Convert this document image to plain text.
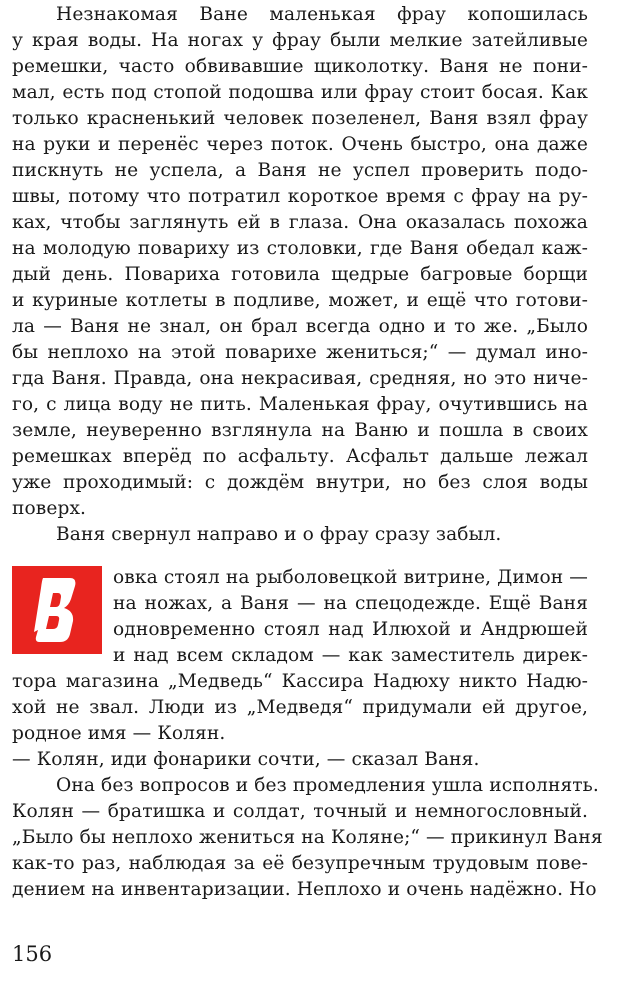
Незнакомая Ване маленькая фрау копошилась
у края воды. На ногах у фрау были мелкие затейливые
ремешки, часто обвивавшие щиколотку. Ваня не пони-
мал, есть под стопой подошва или фрау стоит босая. Как
только красненький человек позеленел, Ваня взял фрау
на руки и перенёс через поток. Очень быстро, она даже
пискнуть не успела, а Ваня не успел проверить подо-
швы, потому что потратил короткое время с фрау на ру-
ках, чтобы заглянуть ей в глаза. Она оказалась похожа
на молодую повариху из столовки, где Ваня обедал каж-
дый день. Повариха готовила щедрые багровые борщи
и куриные котлеты в подливе, может, и ещё что готови-
ла — Ваня не знал, он брал всегда одно и то же. „Было
бы неплохо на этой поварихе жениться;“ — думал ино-
гда Ваня. Правда, она некрасивая, средняя, но это ниче-
го, с лица воду не пить. Маленькая фрау, очутившись на
земле, неуверенно взглянула на Ваню и пошла в своих
ремешках вперёд по асфальту. Асфальт дальше лежал
уже проходимый: с дождём внутри, но без слоя воды
поверх.
Ваня свернул направо и о фрау сразу забыл.
овка стоял на рыболовецкой витрине, Димон —
на ножах, а Ваня — на спецодежде. Ещё Ваня
одновременно стоял над Илюхой и Андрюшей
и над всем складом — как заместитель дирек-
тора магазина „Медведь“ Кассира Надюху никто Надю-
хой не звал. Люди из „Медведя“ придумали ей другое,
родное имя — Колян.
— Колян, иди фонарики сочти, — сказал Ваня.
Она без вопросов и без промедления ушла исполнять.
Колян — братишка и солдат, точный и немногословный.
„Было бы неплохо жениться на Коляне;“ — прикинул Ваня
как-то раз, наблюдая за её безупречным трудовым пове-
дением на инвентаризации. Неплохо и очень надёжно. Но
156
